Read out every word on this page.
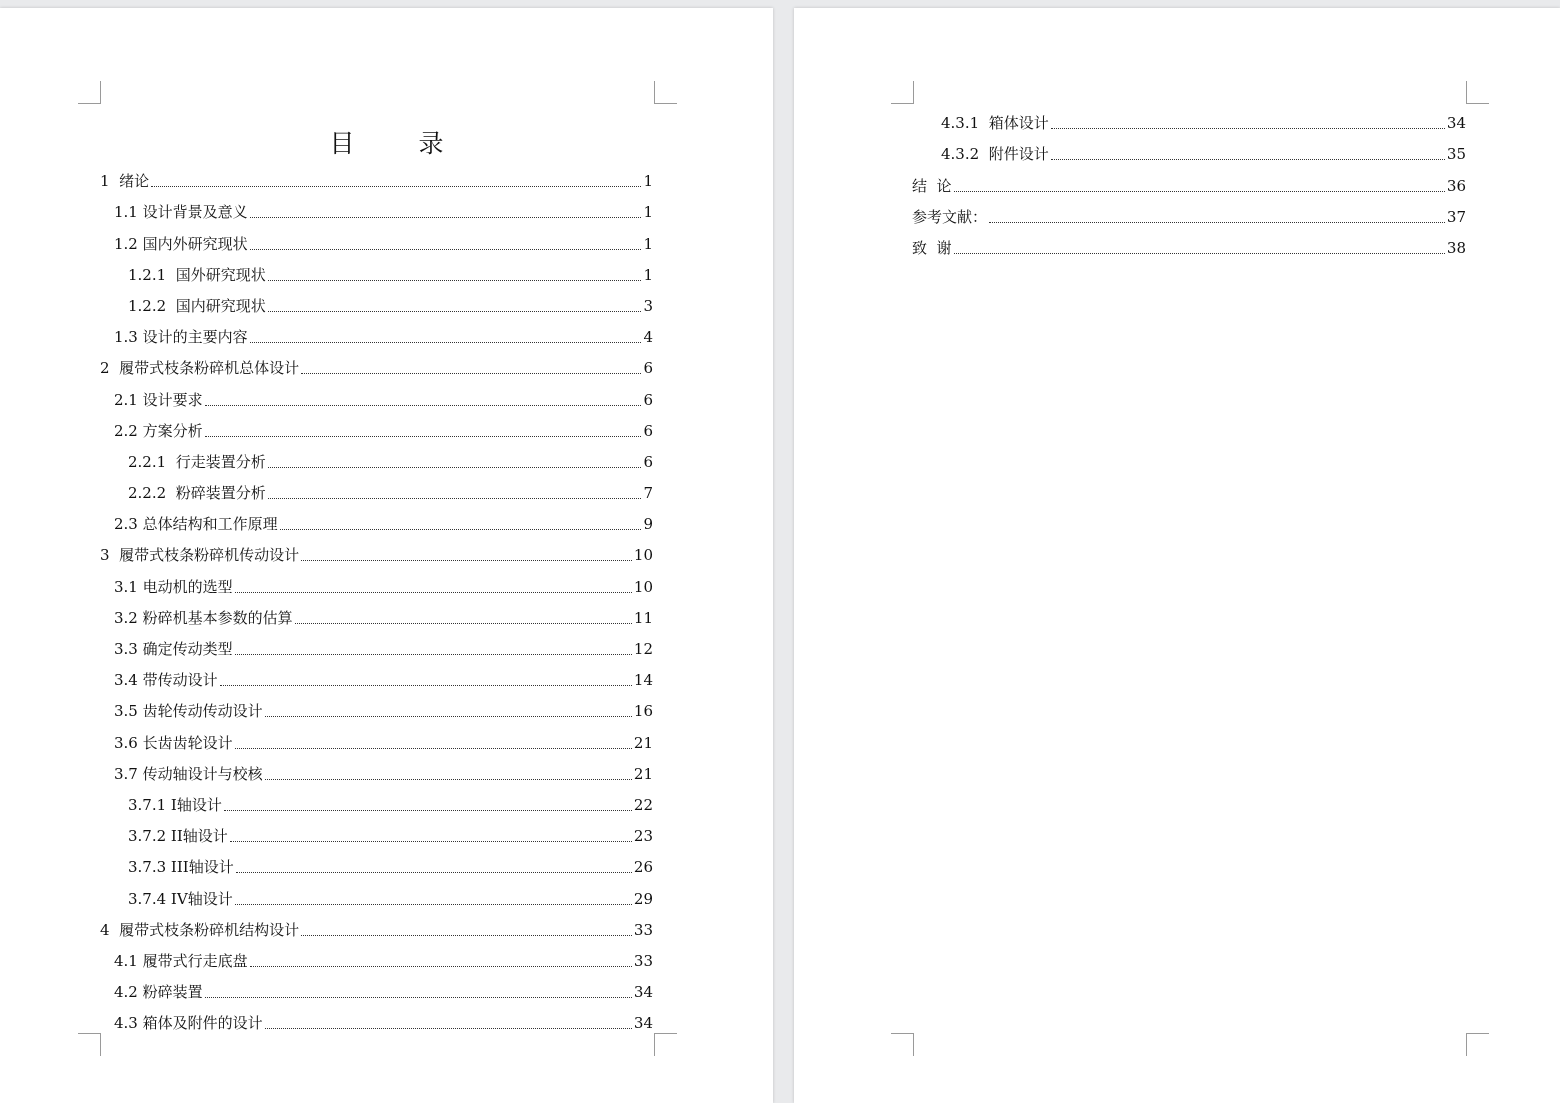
目 录
1  绪论	1
1.1 设计背景及意义	1
1.2 国内外研究现状	1
1.2.1  国外研究现状	1
1.2.2  国内研究现状	3
1.3 设计的主要内容	4
2  履带式枝条粉碎机总体设计	6
2.1 设计要求	6
2.2 方案分析	6
2.2.1  行走装置分析	6
2.2.2  粉碎装置分析	7
2.3 总体结构和工作原理	9
3  履带式枝条粉碎机传动设计	10
3.1 电动机的选型	10
3.2 粉碎机基本参数的估算	11
3.3 确定传动类型	12
3.4 带传动设计	14
3.5 齿轮传动传动设计	16
3.6 长齿齿轮设计	21
3.7 传动轴设计与校核	21
3.7.1 I轴设计	22
3.7.2 II轴设计	23
3.7.3 III轴设计	26
3.7.4 IV轴设计	29
4  履带式枝条粉碎机结构设计	33
4.1 履带式行走底盘	33
4.2 粉碎装置	34
4.3 箱体及附件的设计	34
4.3.1  箱体设计	34
4.3.2  附件设计	35
结  论	36
参考文献：	37
致  谢	38
